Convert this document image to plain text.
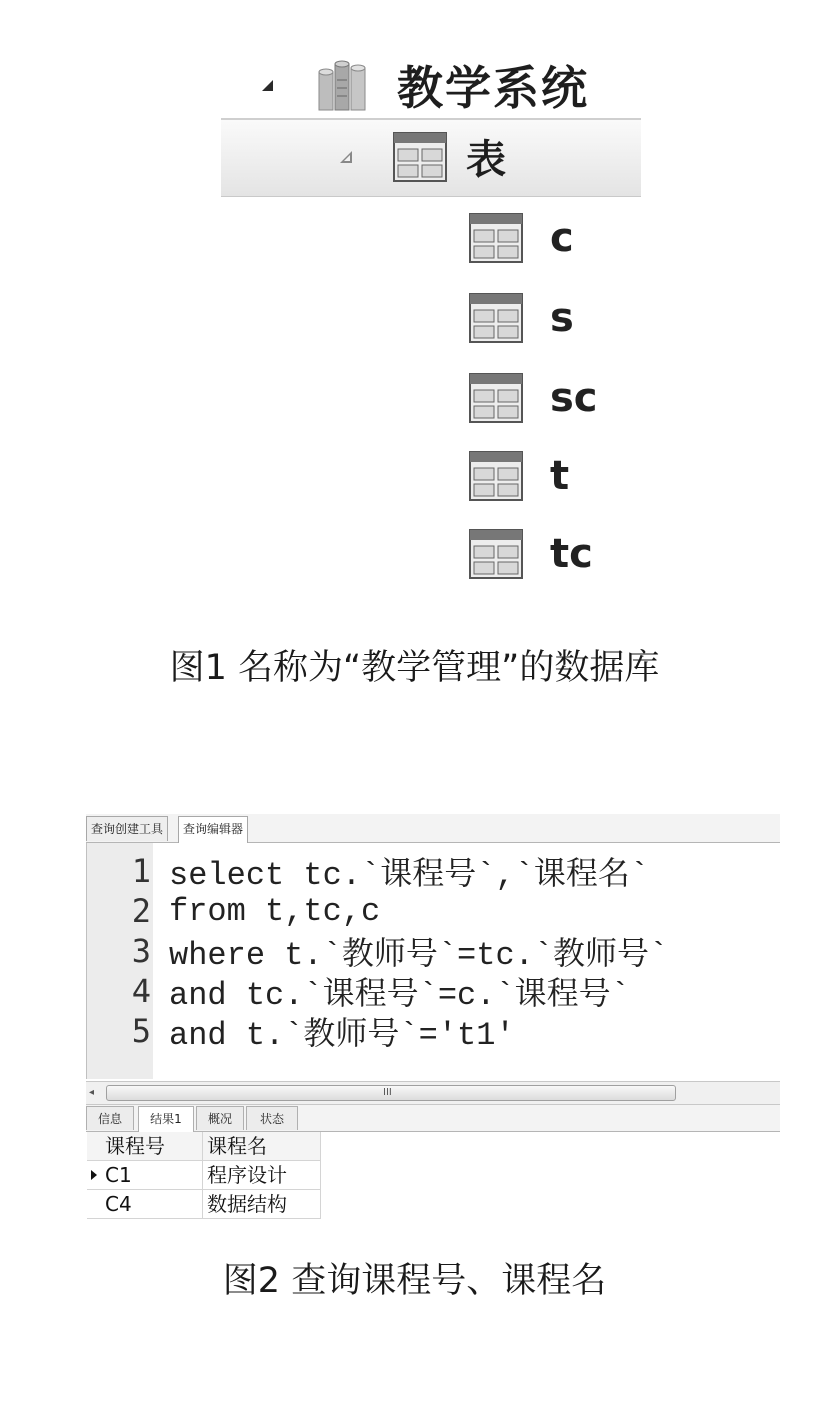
教学系统
表
c
s
sc
t
tc
图1 名称为“教学管理”的数据库
查询创建工具	查询编辑器
1 select tc.`课程号`,`课程名`
2 from t,tc,c
3 where t.`教师号`=tc.`教师号`
4 and tc.`课程号`=c.`课程号`
5 and t.`教师号`='t1'
◂	III
信息	结果1	概况	状态
课程号	课程名
C1	程序设计
C4	数据结构
图2 查询课程号、课程名
